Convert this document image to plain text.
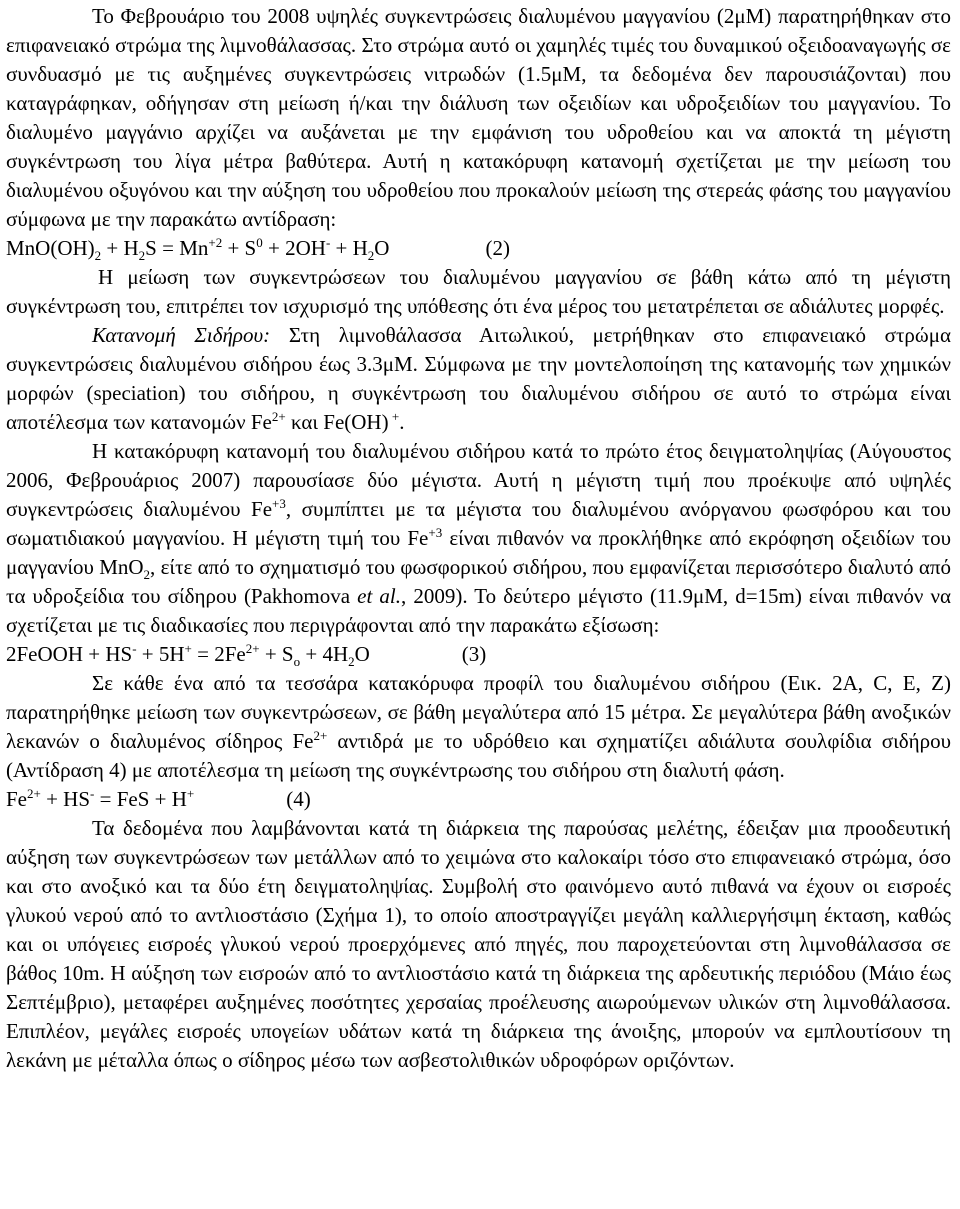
Το Φεβρουάριο του 2008 υψηλές συγκεντρώσεις διαλυμένου μαγγανίου (2μΜ) παρατηρήθηκαν στο επιφανειακό στρώμα της λιμνοθάλασσας. Στο στρώμα αυτό οι χαμηλές τιμές του δυναμικού οξειδοαναγωγής σε συνδυασμό με τις αυξημένες συγκεντρώσεις νιτρωδών (1.5μΜ, τα δεδομένα δεν παρουσιάζονται) που καταγράφηκαν, οδήγησαν στη μείωση ή/και την διάλυση των οξειδίων και υδροξειδίων του μαγγανίου. Το διαλυμένο μαγγάνιο αρχίζει να αυξάνεται με την εμφάνιση του υδροθείου και να αποκτά τη μέγιστη συγκέντρωση του λίγα μέτρα βαθύτερα. Αυτή η κατακόρυφη κατανομή σχετίζεται με την μείωση του διαλυμένου οξυγόνου και την αύξηση του υδροθείου που προκαλούν μείωση της στερεάς φάσης του μαγγανίου σύμφωνα με την παρακάτω αντίδραση:

$MnO(OH)_2 + H_2S = Mn^{+2} + S^0 + 2OH^- + H_2O$	(2)

Η μείωση των συγκεντρώσεων του διαλυμένου μαγγανίου σε βάθη κάτω από τη μέγιστη συγκέντρωση του, επιτρέπει τον ισχυρισμό της υπόθεσης ότι ένα μέρος του μετατρέπεται σε αδιάλυτες μορφές.

Κατανομή Σιδήρου: Στη λιμνοθάλασσα Αιτωλικού, μετρήθηκαν στο επιφανειακό στρώμα συγκεντρώσεις διαλυμένου σιδήρου έως 3.3μΜ. Σύμφωνα με την μοντελοποίηση της κατανομής των χημικών μορφών (speciation) του σιδήρου, η συγκέντρωση του διαλυμένου σιδήρου σε αυτό το στρώμα είναι αποτέλεσμα των κατανομών $Fe^{2+}$ και Fe(OH) +.

Η κατακόρυφη κατανομή του διαλυμένου σιδήρου κατά το πρώτο έτος δειγματοληψίας (Αύγουστος 2006, Φεβρουάριος 2007) παρουσίασε δύο μέγιστα. Αυτή η μέγιστη τιμή που προέκυψε από υψηλές συγκεντρώσεις διαλυμένου $Fe^{+3}$, συμπίπτει με τα μέγιστα του διαλυμένου ανόργανου φωσφόρου και του σωματιδιακού μαγγανίου. Η μέγιστη τιμή του $Fe^{+3}$ είναι πιθανόν να προκλήθηκε από εκρόφηση οξειδίων του μαγγανίου MnO$_2$, είτε από το σχηματισμό του φωσφορικού σιδήρου, που εμφανίζεται περισσότερο διαλυτό από τα υδροξείδια του σίδηρου (Pakhomova et al., 2009). Το δεύτερο μέγιστο (11.9μΜ, d=15m) είναι πιθανόν να σχετίζεται με τις διαδικασίες που περιγράφονται από την παρακάτω εξίσωση:

2FeOOH + $HS^- + 5H^+ = 2Fe^{2+} + S_o + 4H_2O$	(3)

Σε κάθε ένα από τα τεσσάρα κατακόρυφα προφίλ του διαλυμένου σιδήρου (Εικ. 2Α, C, E, Z) παρατηρήθηκε μείωση των συγκεντρώσεων, σε βάθη μεγαλύτερα από 15 μέτρα. Σε μεγαλύτερα βάθη ανοξικών λεκανών ο διαλυμένος σίδηρος $Fe^{2+}$ αντιδρά με το υδρόθειο και σχηματίζει αδιάλυτα σουλφίδια σιδήρου (Αντίδραση 4) με αποτέλεσμα τη μείωση της συγκέντρωσης του σιδήρου στη διαλυτή φάση.

$Fe^{2+} + HS^-$ = FeS + H+	(4)

Τα δεδομένα που λαμβάνονται κατά τη διάρκεια της παρούσας μελέτης, έδειξαν μια προοδευτική αύξηση των συγκεντρώσεων των μετάλλων από το χειμώνα στο καλοκαίρι τόσο στο επιφανειακό στρώμα, όσο και στο ανοξικό και τα δύο έτη δειγματοληψίας. Συμβολή στο φαινόμενο αυτό πιθανά να έχουν οι εισροές γλυκού νερού από το αντλιοστάσιο (Σχήμα 1), το οποίο αποστραγγίζει μεγάλη καλλιεργήσιμη έκταση, καθώς και οι υπόγειες εισροές γλυκού νερού προερχόμενες από πηγές, που παροχετεύονται στη λιμνοθάλασσα σε βάθος 10m. Η αύξηση των εισροών από το αντλιοστάσιο κατά τη διάρκεια της αρδευτικής περιόδου (Μάιο έως Σεπτέμβριο), μεταφέρει αυξημένες ποσότητες χερσαίας προέλευσης αιωρούμενων υλικών στη λιμνοθάλασσα. Επιπλέον, μεγάλες εισροές υπογείων υδάτων κατά τη διάρκεια της άνοιξης, μπορούν να εμπλουτίσουν τη λεκάνη με μέταλλα όπως ο σίδηρος μέσω των ασβεστολιθικών υδροφόρων οριζόντων.
